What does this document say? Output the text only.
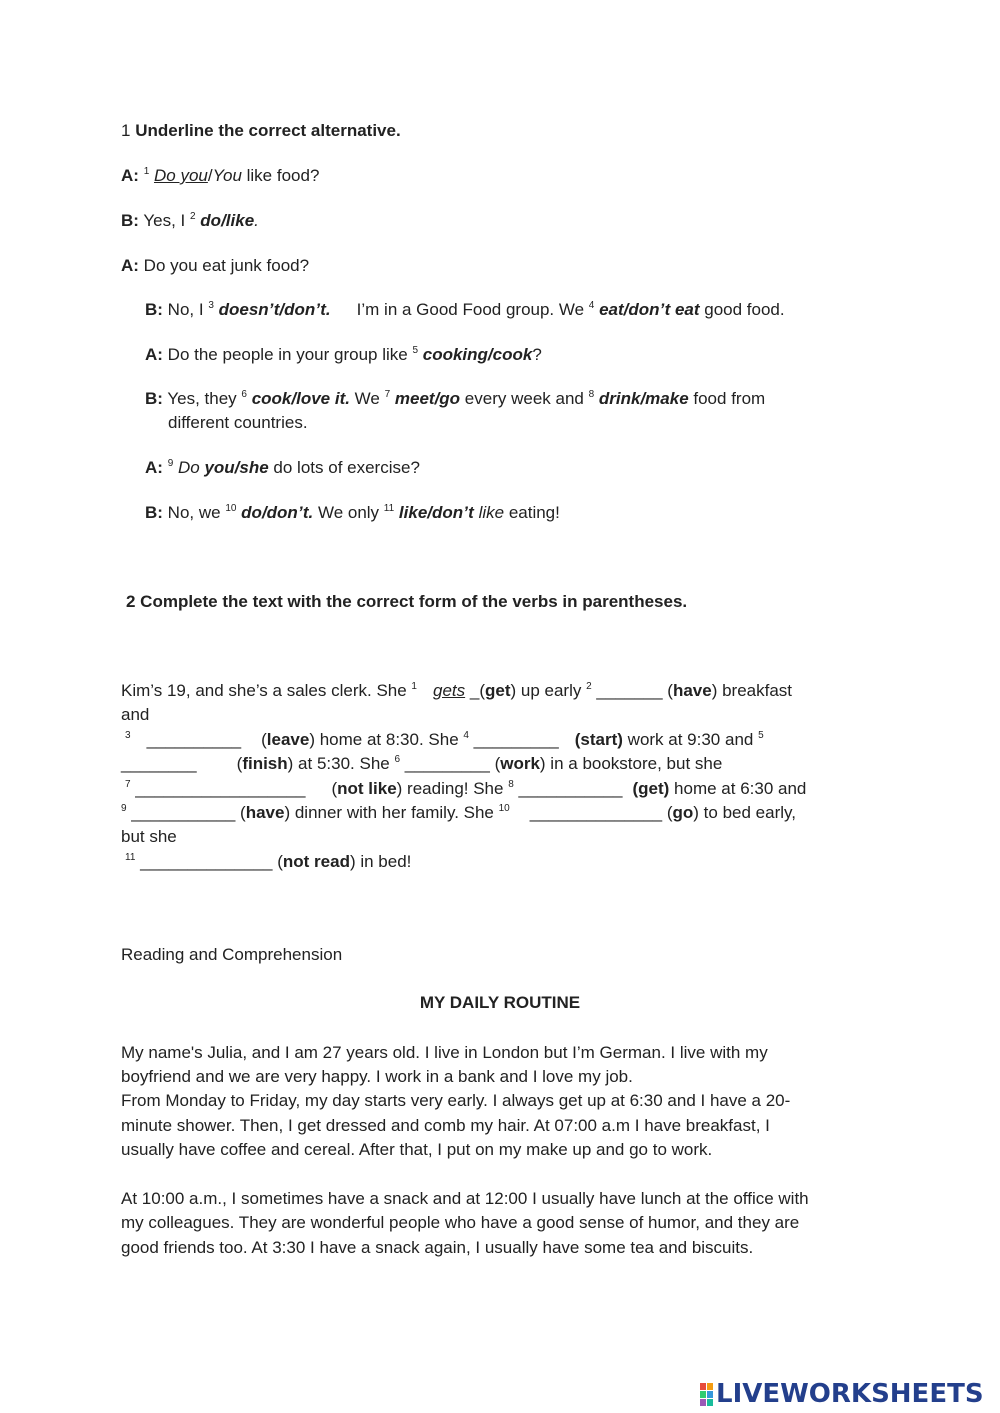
1 Underline the correct alternative.
A: $^1$ Do you/You like food?
B: Yes, I $^2$ do/like.
A: Do you eat junk food?
B: No, I $^3$ doesn’t/don’t. I’m in a Good Food group. We $^4$ eat/don’t eat good food.
A: Do the people in your group like $^5$ cooking/cook?
B: Yes, they $^6$ cook/love it. We $^7$ meet/go every week and $^8$ drink/make food from
different countries.
A: $^9$ Do you/she do lots of exercise?
B: No, we $^{10}$ do/don’t. We only $^{11}$ like/don’t like eating!
2 Complete the text with the correct form of the verbs in parentheses.
Kim’s 19, and she’s a sales clerk. She $^1$ gets _(get) up early $^2$ _______ (have) breakfast
and
$^3$ __________ (leave) home at 8:30. She $^4$ _________ (start) work at 9:30 and $^5$
________ (finish) at 5:30. She $^6$ _________ (work) in a bookstore, but she
$^7$ __________________ (not like) reading! She $^8$ ___________ (get) home at 6:30 and
$^9$ ___________ (have) dinner with her family. She $^{10}$ ______________ (go) to bed early,
but she
$^{11}$ ______________ (not read) in bed!
Reading and Comprehension
MY DAILY ROUTINE
My name's Julia, and I am 27 years old. I live in London but I’m German. I live with my
boyfriend and we are very happy. I work in a bank and I love my job.
From Monday to Friday, my day starts very early. I always get up at 6:30 and I have a 20-
minute shower. Then, I get dressed and comb my hair. At 07:00 a.m I have breakfast, I
usually have coffee and cereal. After that, I put on my make up and go to work.
At 10:00 a.m., I sometimes have a snack and at 12:00 I usually have lunch at the office with
my colleagues. They are wonderful people who have a good sense of humor, and they are
good friends too. At 3:30 I have a snack again, I usually have some tea and biscuits.
LIVEWORKSHEETS
